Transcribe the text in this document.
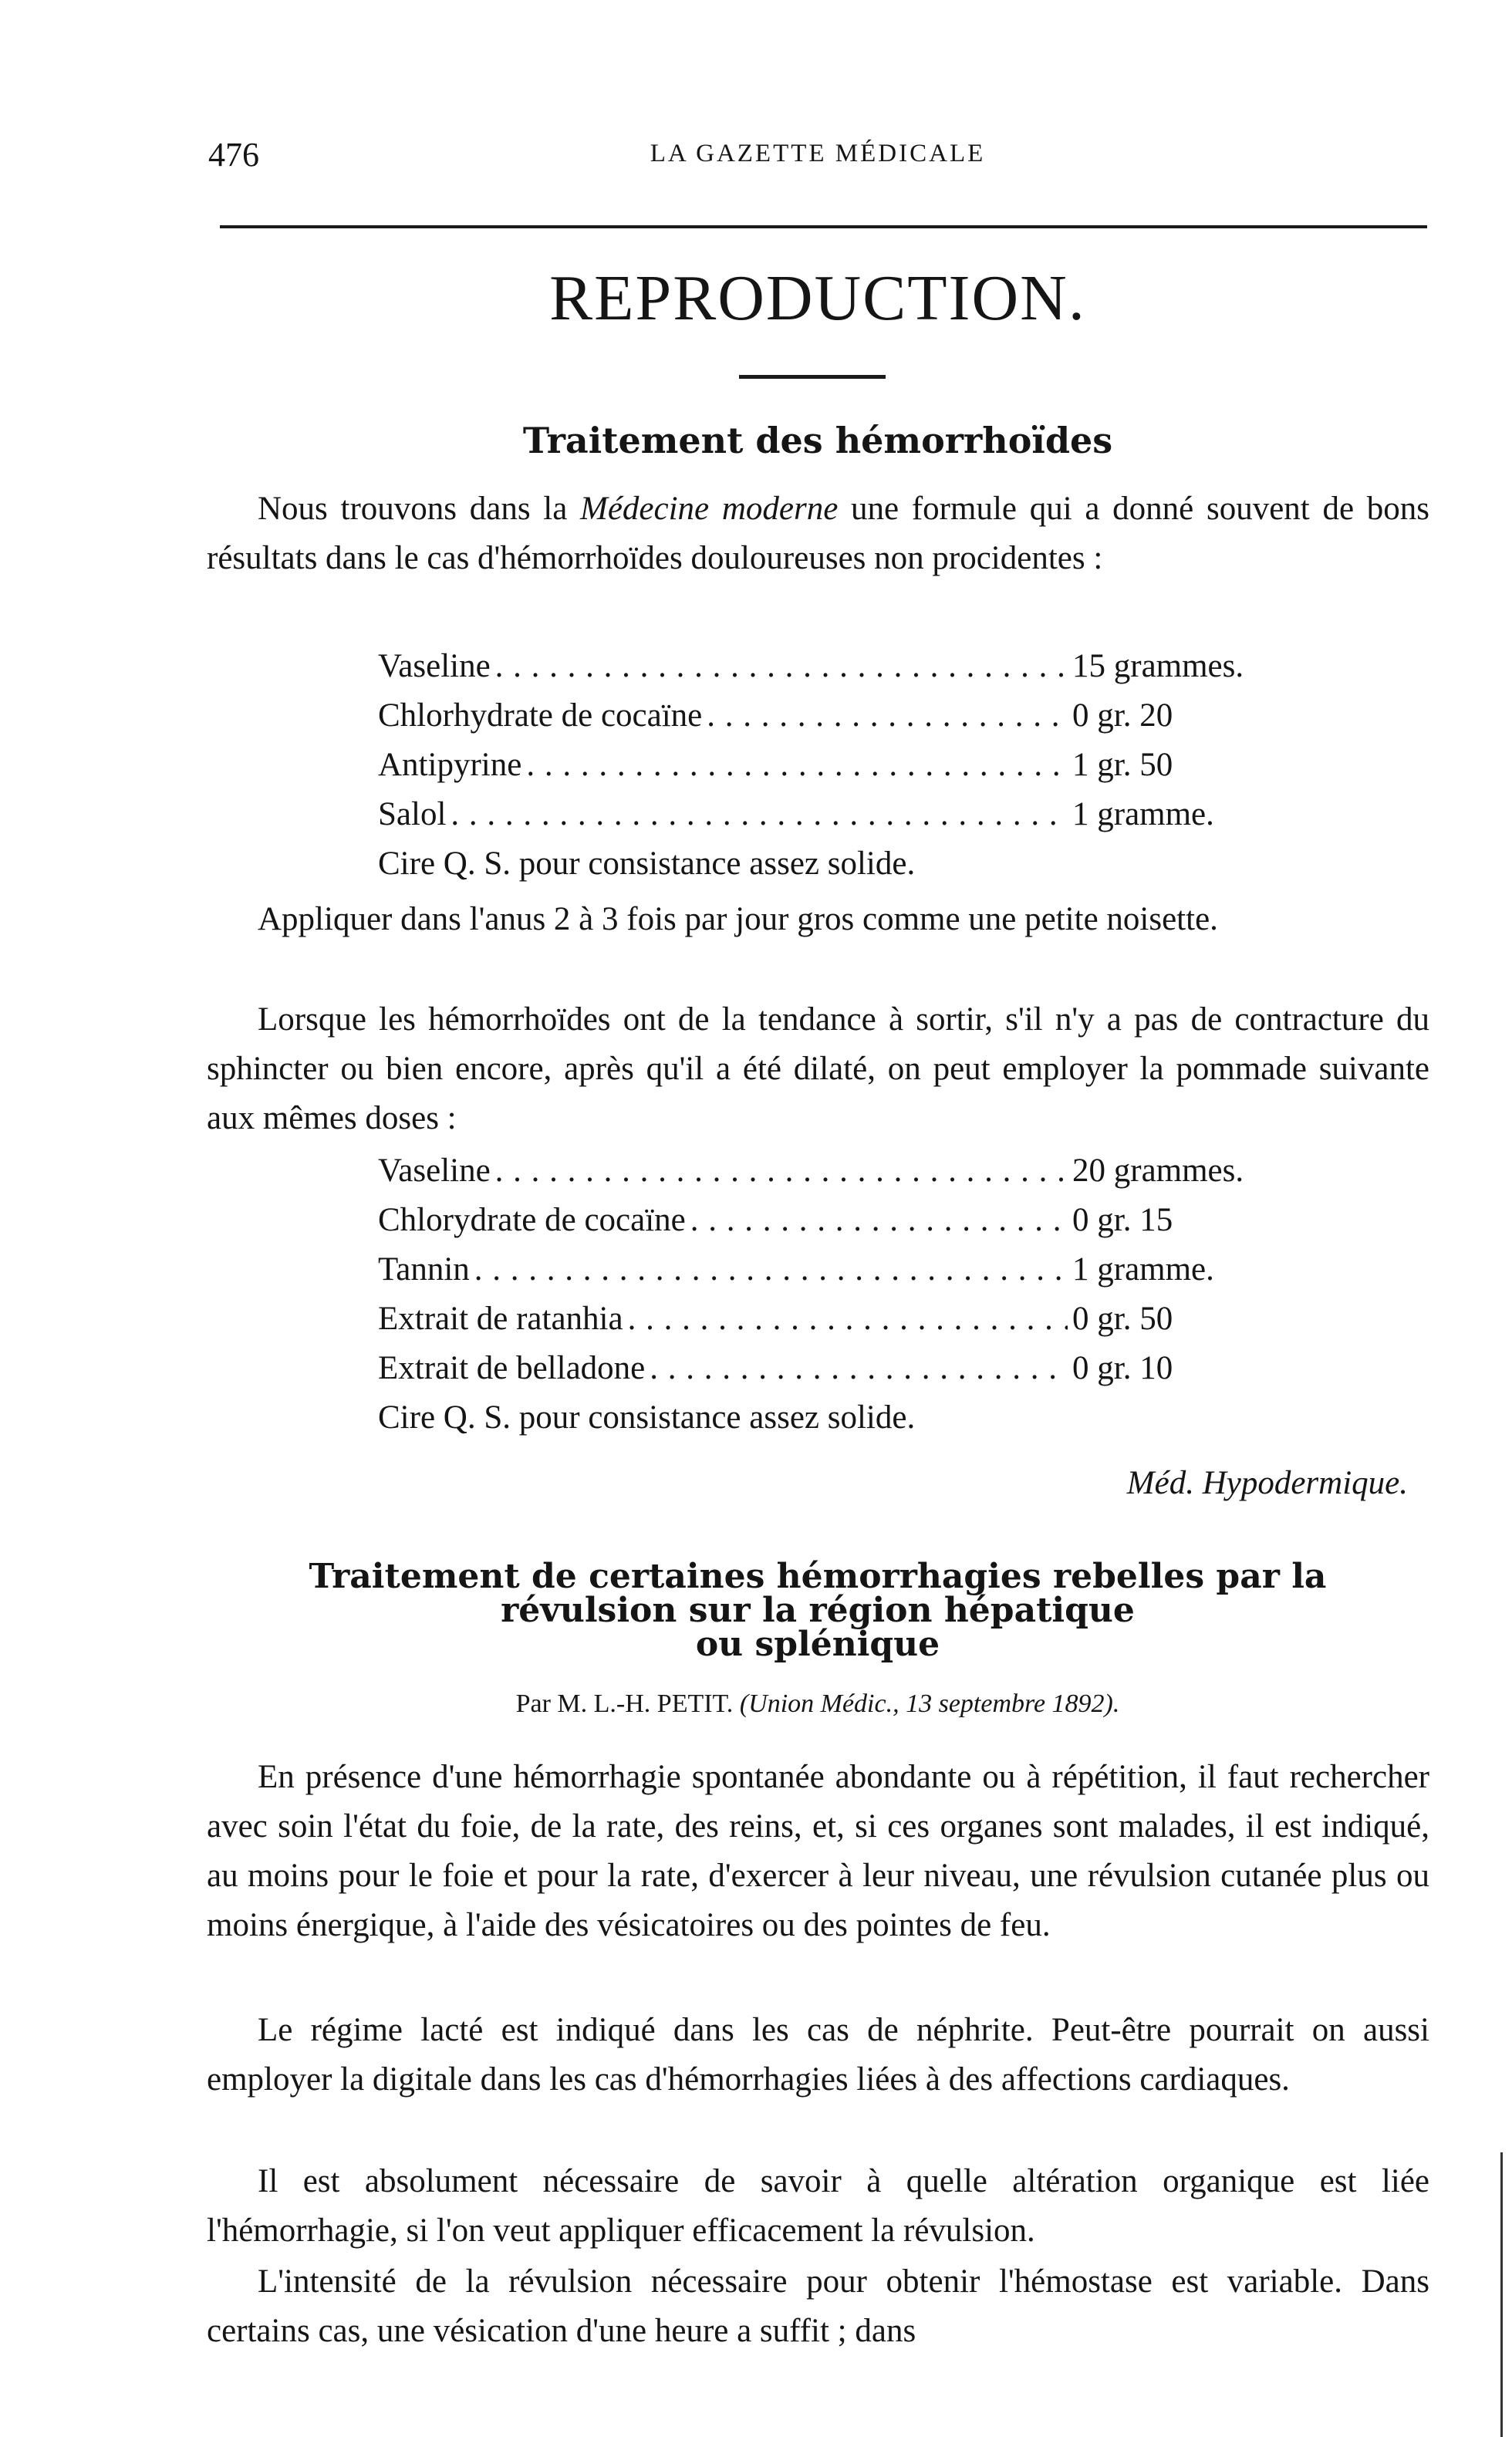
476	LA GAZETTE MÉDICALE
REPRODUCTION.
Traitement des hémorrhoïdes

Nous trouvons dans la Médecine moderne une formule qui a donné souvent de bons résultats dans le cas d'hémorrhoïdes douloureuses non procidentes :

Vaseline . . .	15 grammes.
Chlorhydrate de cocaïne . . .	0 gr. 20
Antipyrine . . .	1 gr. 50
Salol . . .	1 gramme.
Cire Q. S. pour consistance assez solide.

Appliquer dans l'anus 2 à 3 fois par jour gros comme une petite noisette.

Lorsque les hémorrhoïdes ont de la tendance à sortir, s'il n'y a pas de contracture du sphincter ou bien encore, après qu'il a été dilaté, on peut employer la pommade suivante aux mêmes doses :

Vaseline . . .	20 grammes.
Chlorydrate de cocaïne . . .	0 gr. 15
Tannin . . .	1 gramme.
Extrait de ratanhia . . .	0 gr. 50
Extrait de belladone . . .	0 gr. 10
Cire Q. S. pour consistance assez solide.
Méd. Hypodermique.
Traitement de certaines hémorrhagies rebelles par la
révulsion sur la région hépatique
ou splénique
Par M. L.-H. PETIT. (Union Médic., 13 septembre 1892).

En présence d'une hémorrhagie spontanée abondante ou à répétition, il faut rechercher avec soin l'état du foie, de la rate, des reins, et, si ces organes sont malades, il est indiqué, au moins pour le foie et pour la rate, d'exercer à leur niveau, une révulsion cutanée plus ou moins énergique, à l'aide des vésicatoires ou des pointes de feu.

Le régime lacté est indiqué dans les cas de néphrite. Peut-être pourrait on aussi employer la digitale dans les cas d'hémorrhagies liées à des affections cardiaques.

Il est absolument nécessaire de savoir à quelle altération organique est liée l'hémorrhagie, si l'on veut appliquer efficacement la révulsion.

L'intensité de la révulsion nécessaire pour obtenir l'hémostase est variable. Dans certains cas, une vésication d'une heure a suffit ; dans
